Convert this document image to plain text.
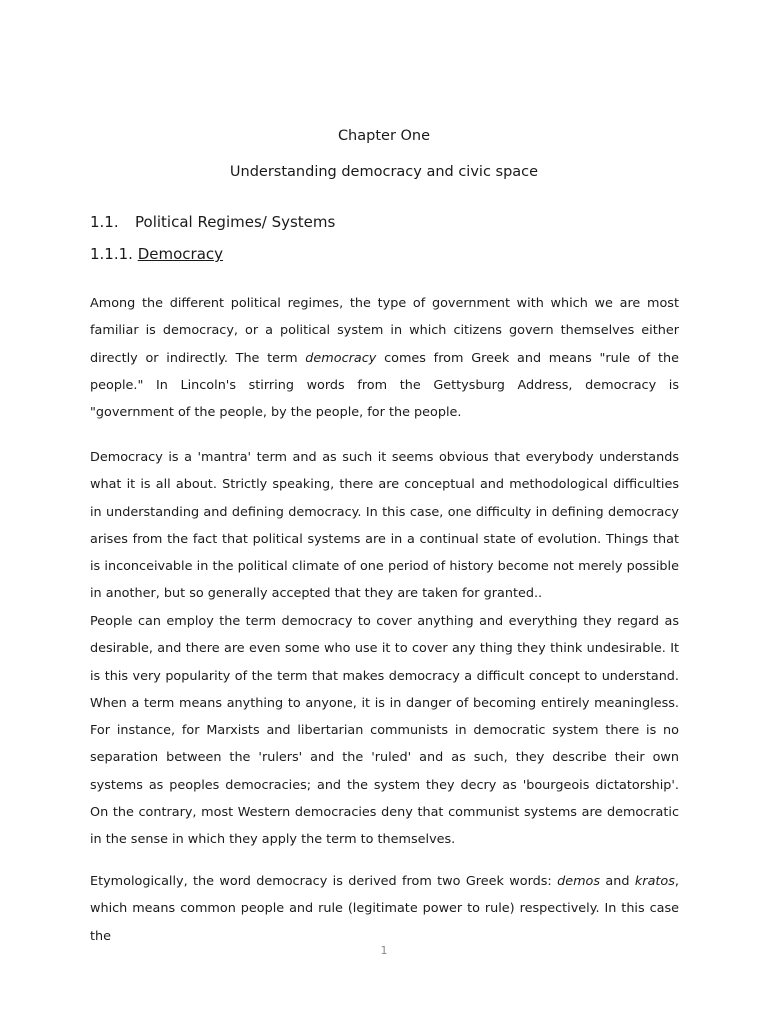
Chapter One
Understanding democracy and civic space
1.1. Political Regimes/ Systems
1.1.1. Democracy

Among the different political regimes, the type of government with which we are most familiar is democracy, or a political system in which citizens govern themselves either directly or indirectly. The term democracy comes from Greek and means "rule of the people." In Lincoln's stirring words from the Gettysburg Address, democracy is "government of the people, by the people, for the people.

Democracy is a 'mantra' term and as such it seems obvious that everybody understands what it is all about. Strictly speaking, there are conceptual and methodological difficulties in understanding and defining democracy. In this case, one difficulty in defining democracy arises from the fact that political systems are in a continual state of evolution. Things that is inconceivable in the political climate of one period of history become not merely possible in another, but so generally accepted that they are taken for granted..

People can employ the term democracy to cover anything and everything they regard as desirable, and there are even some who use it to cover any thing they think undesirable. It is this very popularity of the term that makes democracy a difficult concept to understand. When a term means anything to anyone, it is in danger of becoming entirely meaningless. For instance, for Marxists and libertarian communists in democratic system there is no separation between the 'rulers' and the 'ruled' and as such, they describe their own systems as peoples democracies; and the system they decry as 'bourgeois dictatorship'. On the contrary, most Western democracies deny that communist systems are democratic in the sense in which they apply the term to themselves.

Etymologically, the word democracy is derived from two Greek words: demos and kratos, which means common people and rule (legitimate power to rule) respectively. In this case the

1
